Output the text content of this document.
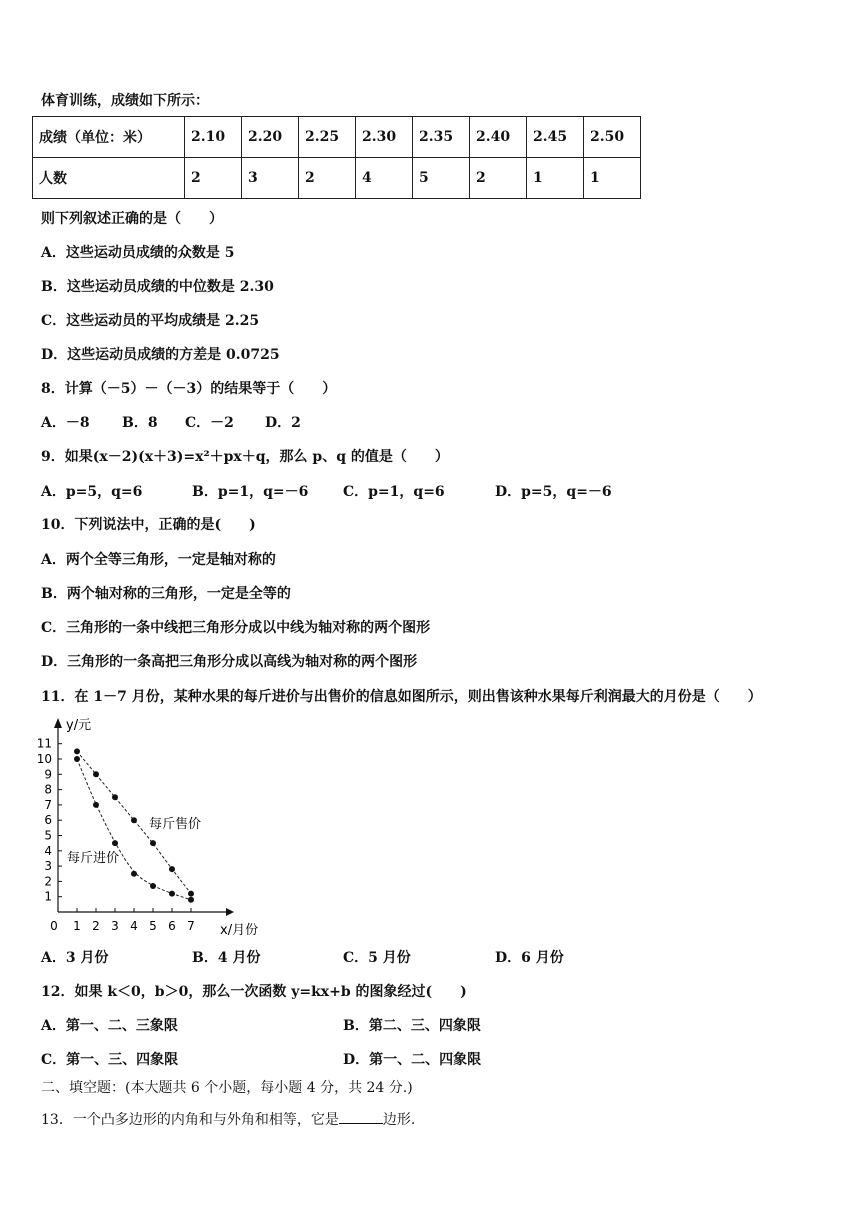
体育训练，成绩如下所示：
成绩（单位：米）	2.10	2.20	2.25	2.30	2.35	2.40	2.45	2.50
人数	2	3	2	4	5	2	1	1
则下列叙述正确的是（　　）
A．这些运动员成绩的众数是 5
B．这些运动员成绩的中位数是 2.30
C．这些运动员的平均成绩是 2.25
D．这些运动员成绩的方差是 0.0725
8．计算（－5）－（－3）的结果等于（　　）
A．－8 B．8 C．－2 D．2
9．如果(x－2)(x＋3)=x²＋px＋q，那么 p、q 的值是（　　）
A．p=5，q=6	B．p=1，q=－6 C．p=1，q=6	D．p=5，q=－6
10．下列说法中，正确的是(　　)
A．两个全等三角形，一定是轴对称的
B．两个轴对称的三角形，一定是全等的
C．三角形的一条中线把三角形分成以中线为轴对称的两个图形
D．三角形的一条高把三角形分成以高线为轴对称的两个图形
11．在 1－7 月份，某种水果的每斤进价与出售价的信息如图所示，则出售该种水果每斤利润最大的月份是（　　）
1
2
3
4
5
6
7
8
9
10
11
0 1 2 3 4 5 6 7
y/元
x/月份
每斤售价
每斤进价
A．3 月份	B．4 月份	C．5 月份	D．6 月份
12．如果 k＜0，b＞0，那么一次函数 y=kx+b 的图象经过(　　)
A．第一、二、三象限	B．第二、三、四象限
C．第一、三、四象限	D．第一、二、四象限
二、填空题：(本大题共 6 个小题，每小题 4 分，共 24 分.)
13．一个凸多边形的内角和与外角和相等，它是	边形.
